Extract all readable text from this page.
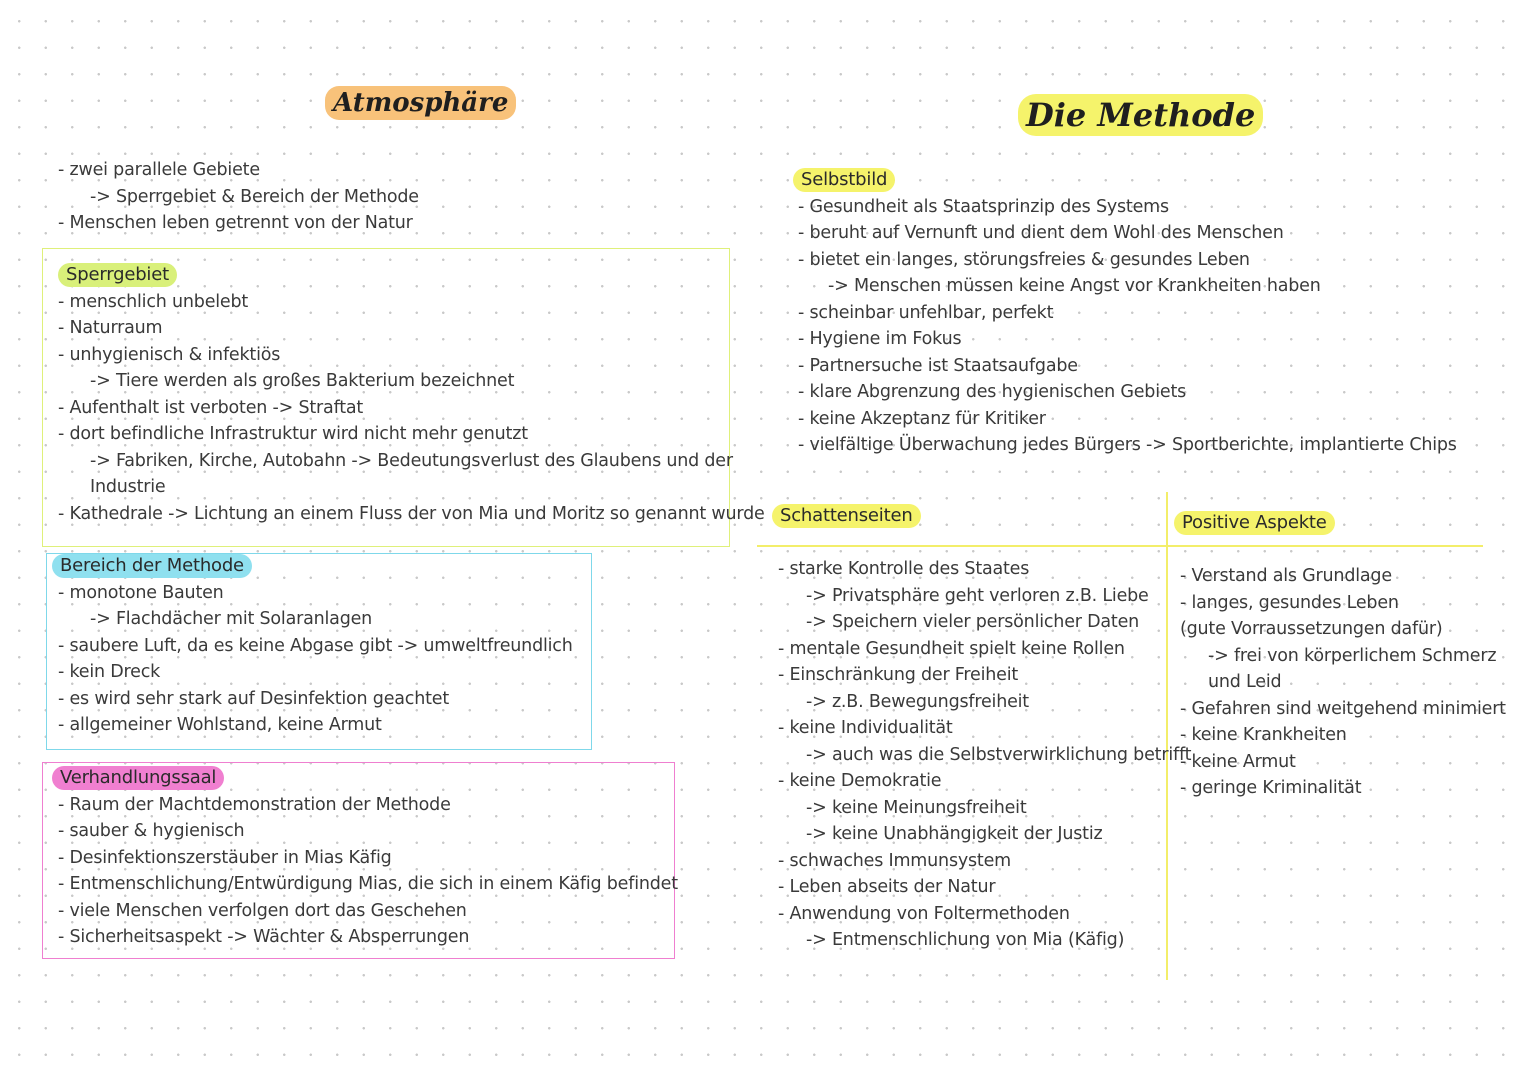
Atmosphäre	Die Methode
- zwei parallele Gebiete
-> Sperrgebiet & Bereich der Methode
- Menschen leben getrennt von der Natur
Sperrgebiet
- menschlich unbelebt
- Naturraum
- unhygienisch & infektiös
-> Tiere werden als großes Bakterium bezeichnet
- Aufenthalt ist verboten -> Straftat
- dort befindliche Infrastruktur wird nicht mehr genutzt
-> Fabriken, Kirche, Autobahn -> Bedeutungsverlust des Glaubens und der
Industrie
- Kathedrale -> Lichtung an einem Fluss der von Mia und Moritz so genannt wurde
Bereich der Methode
- monotone Bauten
-> Flachdächer mit Solaranlagen
- saubere Luft, da es keine Abgase gibt -> umweltfreundlich
- kein Dreck
- es wird sehr stark auf Desinfektion geachtet
- allgemeiner Wohlstand, keine Armut
Verhandlungssaal
- Raum der Machtdemonstration der Methode
- sauber & hygienisch
- Desinfektionszerstäuber in Mias Käfig
- Entmenschlichung/Entwürdigung Mias, die sich in einem Käfig befindet
- viele Menschen verfolgen dort das Geschehen
- Sicherheitsaspekt -> Wächter & Absperrungen
Selbstbild
- Gesundheit als Staatsprinzip des Systems
- beruht auf Vernunft und dient dem Wohl des Menschen
- bietet ein langes, störungsfreies & gesundes Leben
-> Menschen müssen keine Angst vor Krankheiten haben
- scheinbar unfehlbar, perfekt
- Hygiene im Fokus
- Partnersuche ist Staatsaufgabe
- klare Abgrenzung des hygienischen Gebiets
- keine Akzeptanz für Kritiker
- vielfältige Überwachung jedes Bürgers -> Sportberichte, implantierte Chips
Schattenseiten
- starke Kontrolle des Staates
-> Privatsphäre geht verloren z.B. Liebe
-> Speichern vieler persönlicher Daten
- mentale Gesundheit spielt keine Rollen
- Einschränkung der Freiheit
-> z.B. Bewegungsfreiheit
- keine Individualität
-> auch was die Selbstverwirklichung betrifft
- keine Demokratie
-> keine Meinungsfreiheit
-> keine Unabhängigkeit der Justiz
- schwaches Immunsystem
- Leben abseits der Natur
- Anwendung von Foltermethoden
-> Entmenschlichung von Mia (Käfig)
Positive Aspekte
- Verstand als Grundlage
- langes, gesundes Leben
(gute Vorraussetzungen dafür)
-> frei von körperlichem Schmerz
und Leid
- Gefahren sind weitgehend minimiert
- keine Krankheiten
- keine Armut
- geringe Kriminalität
